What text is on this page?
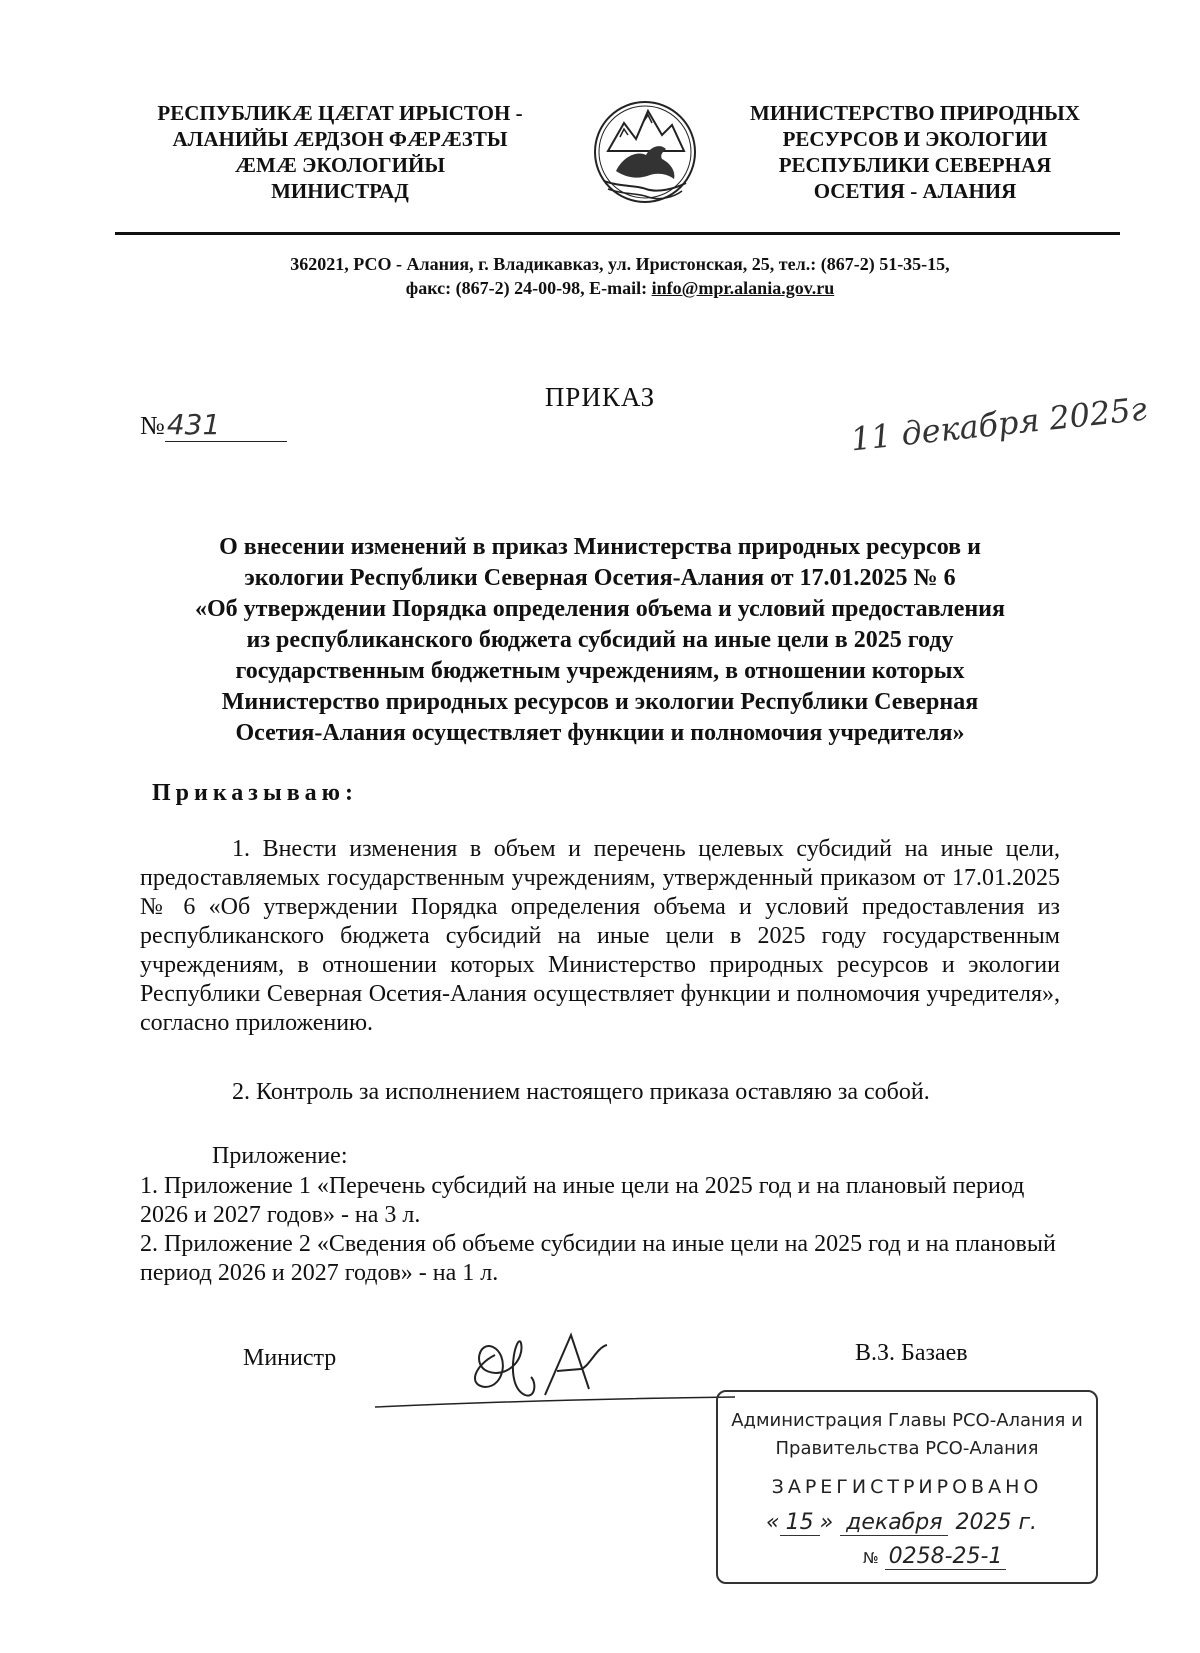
РЕСПУБЛИКÆ ЦÆГАТ ИРЫСТОН -
АЛАНИЙЫ ÆРДЗОН ФÆРÆЗТЫ
ÆМÆ ЭКОЛОГИЙЫ
МИНИСТРАД
МИНИСТЕРСТВО ПРИРОДНЫХ
РЕСУРСОВ И ЭКОЛОГИИ
РЕСПУБЛИКИ СЕВЕРНАЯ
ОСЕТИЯ - АЛАНИЯ
362021, РСО - Алания, г. Владикавказ, ул. Иристонская, 25, тел.: (867-2) 51-35-15,
факс: (867-2) 24-00-98, E-mail: info@mpr.alania.gov.ru
ПРИКАЗ
№431	11 декабря 2025г
О внесении изменений в приказ Министерства природных ресурсов и
экологии Республики Северная Осетия-Алания от 17.01.2025 № 6
«Об утверждении Порядка определения объема и условий предоставления
из республиканского бюджета субсидий на иные цели в 2025 году
государственным бюджетным учреждениям, в отношении которых
Министерство природных ресурсов и экологии Республики Северная
Осетия-Алания осуществляет функции и полномочия учредителя»
Приказываю:
1. Внести изменения в объем и перечень целевых субсидий на иные цели, предоставляемых государственным учреждениям, утвержденный приказом от 17.01.2025 № 6 «Об утверждении Порядка определения объема и условий предоставления из республиканского бюджета субсидий на иные цели в 2025 году государственным учреждениям, в отношении которых Министерство природных ресурсов и экологии Республики Северная Осетия-Алания осуществляет функции и полномочия учредителя», согласно приложению.
2. Контроль за исполнением настоящего приказа оставляю за собой.
Приложение:
1. Приложение 1 «Перечень субсидий на иные цели на 2025 год и на плановый период 2026 и 2027 годов» - на 3 л.
2. Приложение 2 «Сведения об объеме субсидии на иные цели на 2025 год и на плановый период 2026 и 2027 годов» - на 1 л.
Министр	В.З. Базаев
Администрация Главы РСО-Алания и
Правительства РСО-Алания
ЗАРЕГИСТРИРОВАНО
« 15 » декабря 2025 г.
№ 0258-25-1
